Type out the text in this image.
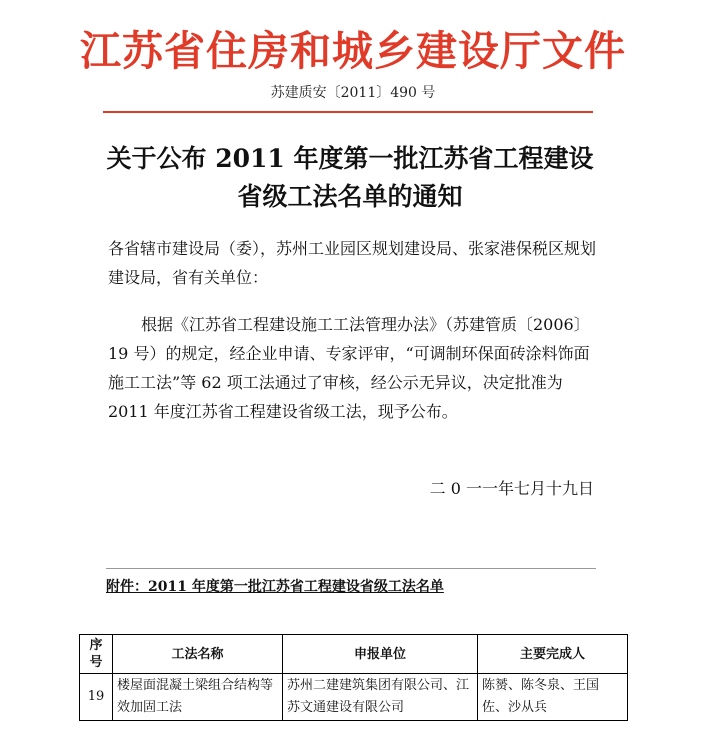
江苏省住房和城乡建设厅文件
苏建质安〔2011〕490 号
关于公布 2011 年度第一批江苏省工程建设
省级工法名单的通知
各省辖市建设局（委），苏州工业园区规划建设局、张家港保税区规划建设局，省有关单位：
根据《江苏省工程建设施工工法管理办法》（苏建管质〔2006〕19 号）的规定，经企业申请、专家评审，“可调制环保面砖涂料饰面施工工法”等 62 项工法通过了审核，经公示无异议，决定批准为 2011 年度江苏省工程建设省级工法，现予公布。
二 0 一一年七月十九日
附件：2011 年度第一批江苏省工程建设省级工法名单
序号	工法名称	申报单位	主要完成人
19	楼屋面混凝土梁组合结构等效加固工法	苏州二建建筑集团有限公司、江苏文通建设有限公司	陈赟、陈冬泉、王国佐、沙从兵
